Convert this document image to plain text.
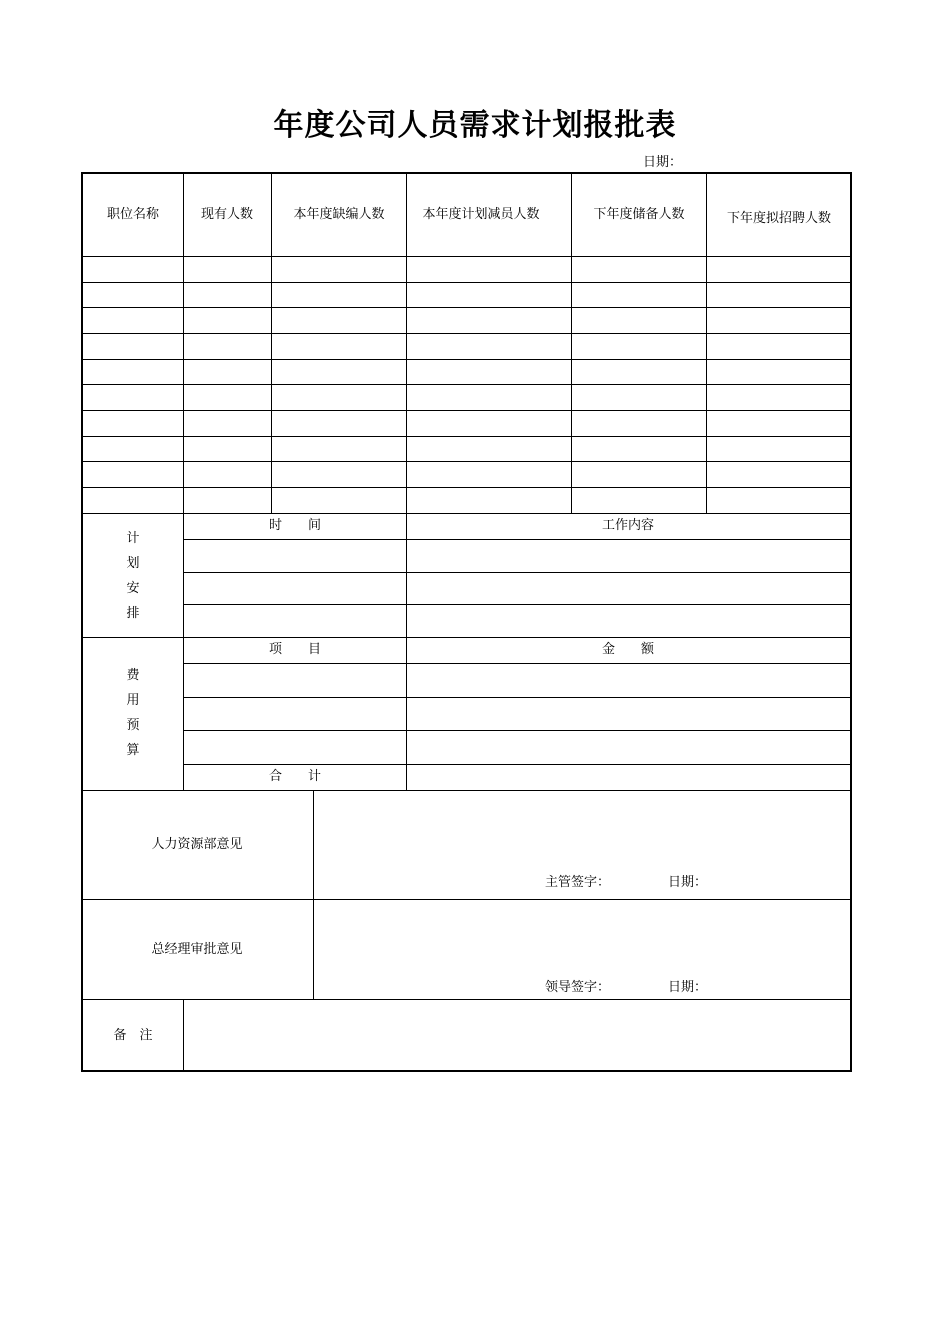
年度公司人员需求计划报批表
日期：
职位名称	现有人数	本年度缺编人数	本年度计划减员人数	下年度储备人数	下年度拟招聘人数
时　　间	工作内容
计
划
安
排
项　　目	金　　额
合　　计
费
用
预
算
人力资源部意见
主管签字：	日期：
总经理审批意见
领导签字：	日期：
备　注
